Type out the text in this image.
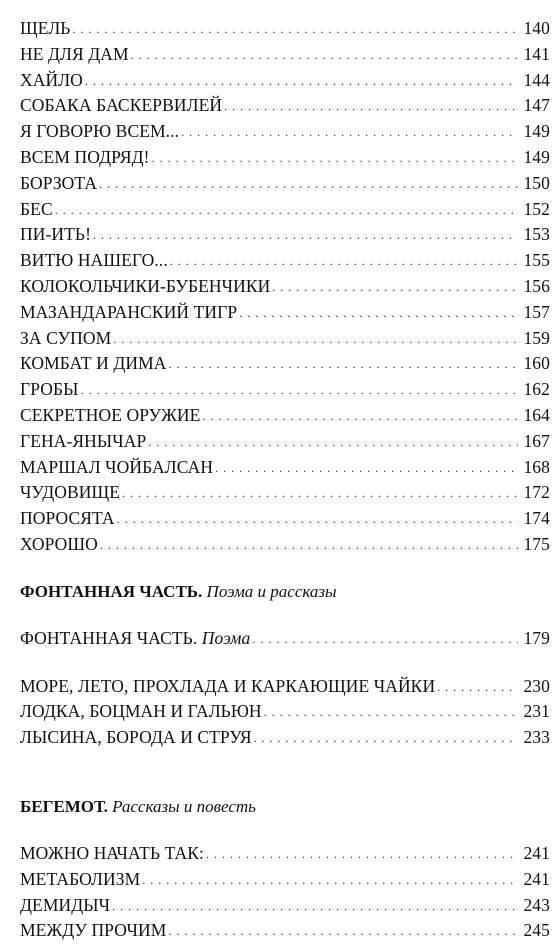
ЩЕЛЬ . . .	140
НЕ ДЛЯ ДАМ . . .	141
ХАЙЛО . . .	144
СОБАКА БАСКЕРВИЛЕЙ . . .	147
Я ГОВОРЮ ВСЕМ... . . .	149
ВСЕМ ПОДРЯД! . . .	149
БОРЗОТА . . .	150
БЕС . . .	152
ПИ-ИТЬ! . . .	153
ВИТЮ НАШЕГО... . . .	155
КОЛОКОЛЬЧИКИ-БУБЕНЧИКИ . . .	156
МАЗАНДАРАНСКИЙ ТИГР . . .	157
ЗА СУПОМ . . .	159
КОМБАТ И ДИМА . . .	160
ГРОБЫ . . .	162
СЕКРЕТНОЕ ОРУЖИЕ . . .	164
ГЕНА-ЯНЫЧАР . . .	167
МАРШАЛ ЧОЙБАЛСАН . . .	168
ЧУДОВИЩЕ . . .	172
ПОРОСЯТА . . .	174
ХОРОШО . . .	175
ФОНТАННАЯ ЧАСТЬ. Поэма и рассказы
ФОНТАННАЯ ЧАСТЬ. Поэма . . .	179
МОРЕ, ЛЕТО, ПРОХЛАДА И КАРКАЮЩИЕ ЧАЙКИ . . .	230
ЛОДКА, БОЦМАН И ГАЛЬЮН . . .	231
ЛЫСИНА, БОРОДА И СТРУЯ . . .	233
БЕГЕМОТ. Рассказы и повесть
МОЖНО НАЧАТЬ ТАК: . . .	241
МЕТАБОЛИЗМ . . .	241
ДЕМИДЫЧ . . .	243
МЕЖДУ ПРОЧИМ . . .	245
